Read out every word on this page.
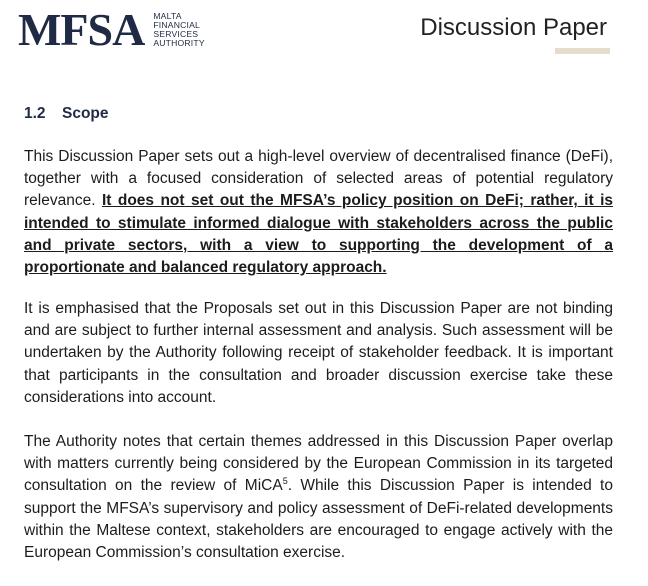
MFSA MALTA
FINANCIAL
SERVICES
AUTHORITY
Discussion Paper
1.2 Scope

This Discussion Paper sets out a high-level overview of decentralised finance (DeFi), together with a focused consideration of selected areas of potential regulatory relevance. It does not set out the MFSA’s policy position on DeFi; rather, it is intended to stimulate informed dialogue with stakeholders across the public and private sectors, with a view to supporting the development of a proportionate and balanced regulatory approach.

It is emphasised that the Proposals set out in this Discussion Paper are not binding and are subject to further internal assessment and analysis. Such assessment will be undertaken by the Authority following receipt of stakeholder feedback. It is important that participants in the consultation and broader discussion exercise take these considerations into account.

The Authority notes that certain themes addressed in this Discussion Paper overlap with matters currently being considered by the European Commission in its targeted consultation on the review of MiCA$^5$. While this Discussion Paper is intended to support the MFSA’s supervisory and policy assessment of DeFi-related developments within the Maltese context, stakeholders are encouraged to engage actively with the European Commission’s consultation exercise.
